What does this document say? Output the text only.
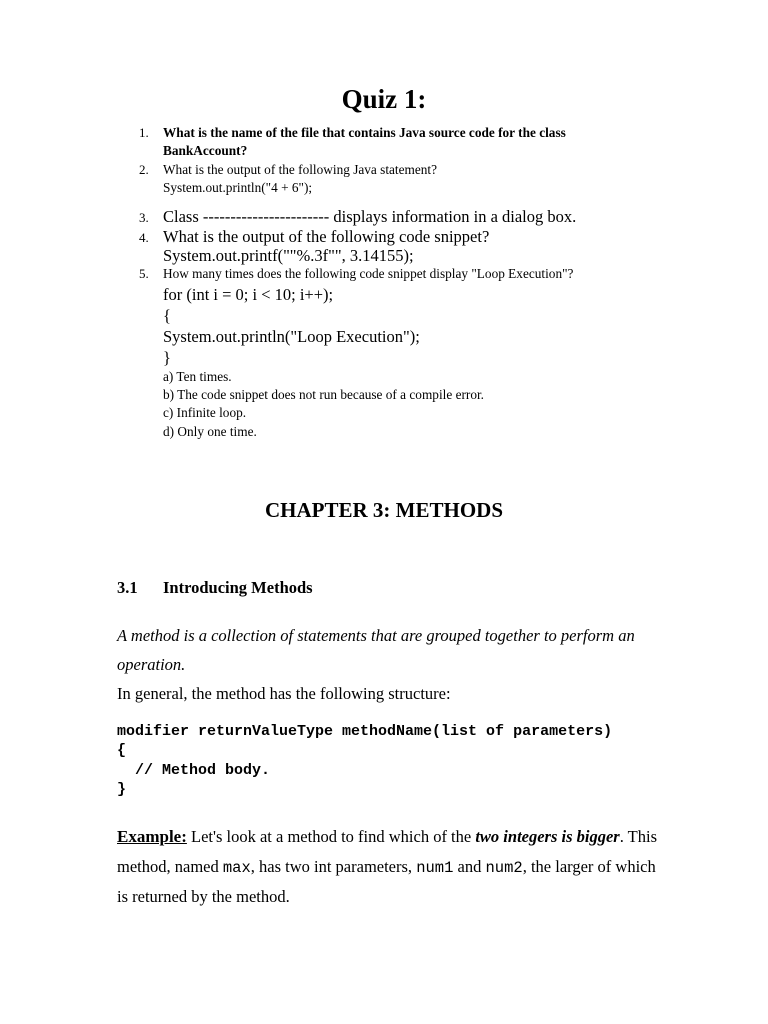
Quiz 1:
1. What is the name of the file that contains Java source code for the class
BankAccount?
2. What is the output of the following Java statement?
System.out.println("4 + 6");
3. Class ----------------------- displays information in a dialog box.
4. What is the output of the following code snippet?
System.out.printf(""%.3f"", 3.14155);
5. How many times does the following code snippet display "Loop Execution"?
for (int i = 0; i < 10; i++);
{
System.out.println("Loop Execution");
}
a) Ten times.
b) The code snippet does not run because of a compile error.
c) Infinite loop.
d) Only one time.
CHAPTER 3: METHODS
3.1 Introducing Methods
A method is a collection of statements that are grouped together to perform an
operation.
In general, the method has the following structure:
modifier returnValueType methodName(list of parameters)
{
// Method body.
}
Example: Let's look at a method to find which of the two integers is bigger. This
method, named max, has two int parameters, num1 and num2, the larger of which
is returned by the method.
